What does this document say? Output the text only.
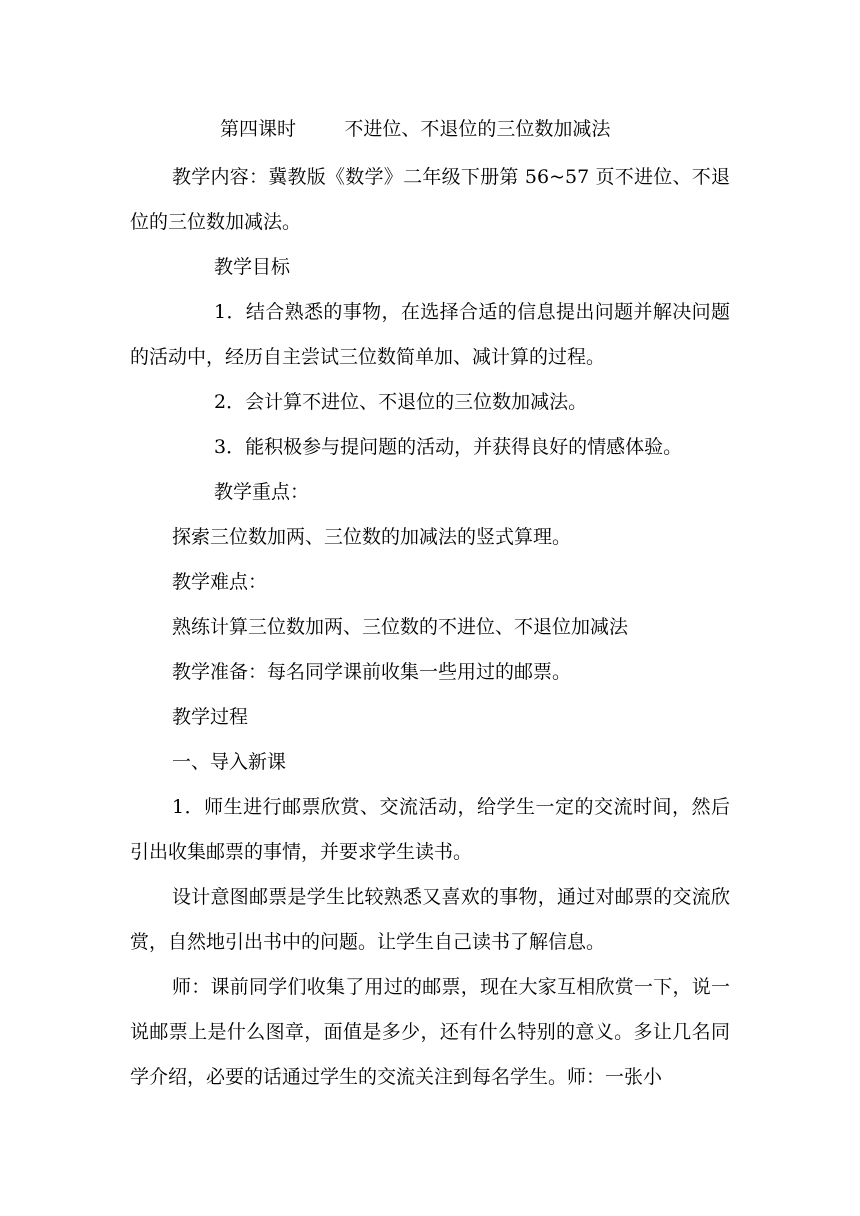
第四课时        不进位、不退位的三位数加减法

教学内容：冀教版《数学》二年级下册第 56~57 页不进位、不退位的三位数加减法。

教学目标

1．结合熟悉的事物，在选择合适的信息提出问题并解决问题的活动中，经历自主尝试三位数简单加、减计算的过程。

2．会计算不进位、不退位的三位数加减法。

3．能积极参与提问题的活动，并获得良好的情感体验。

教学重点：

探索三位数加两、三位数的加减法的竖式算理。

教学难点：

熟练计算三位数加两、三位数的不进位、不退位加减法

教学准备：每名同学课前收集一些用过的邮票。

教学过程

一、导入新课

1．师生进行邮票欣赏、交流活动，给学生一定的交流时间，然后引出收集邮票的事情，并要求学生读书。

设计意图邮票是学生比较熟悉又喜欢的事物，通过对邮票的交流欣赏，自然地引出书中的问题。让学生自己读书了解信息。

师：课前同学们收集了用过的邮票，现在大家互相欣赏一下，说一说邮票上是什么图章，面值是多少，还有什么特别的意义。多让几名同学介绍，必要的话通过学生的交流关注到每名学生。师：一张小
